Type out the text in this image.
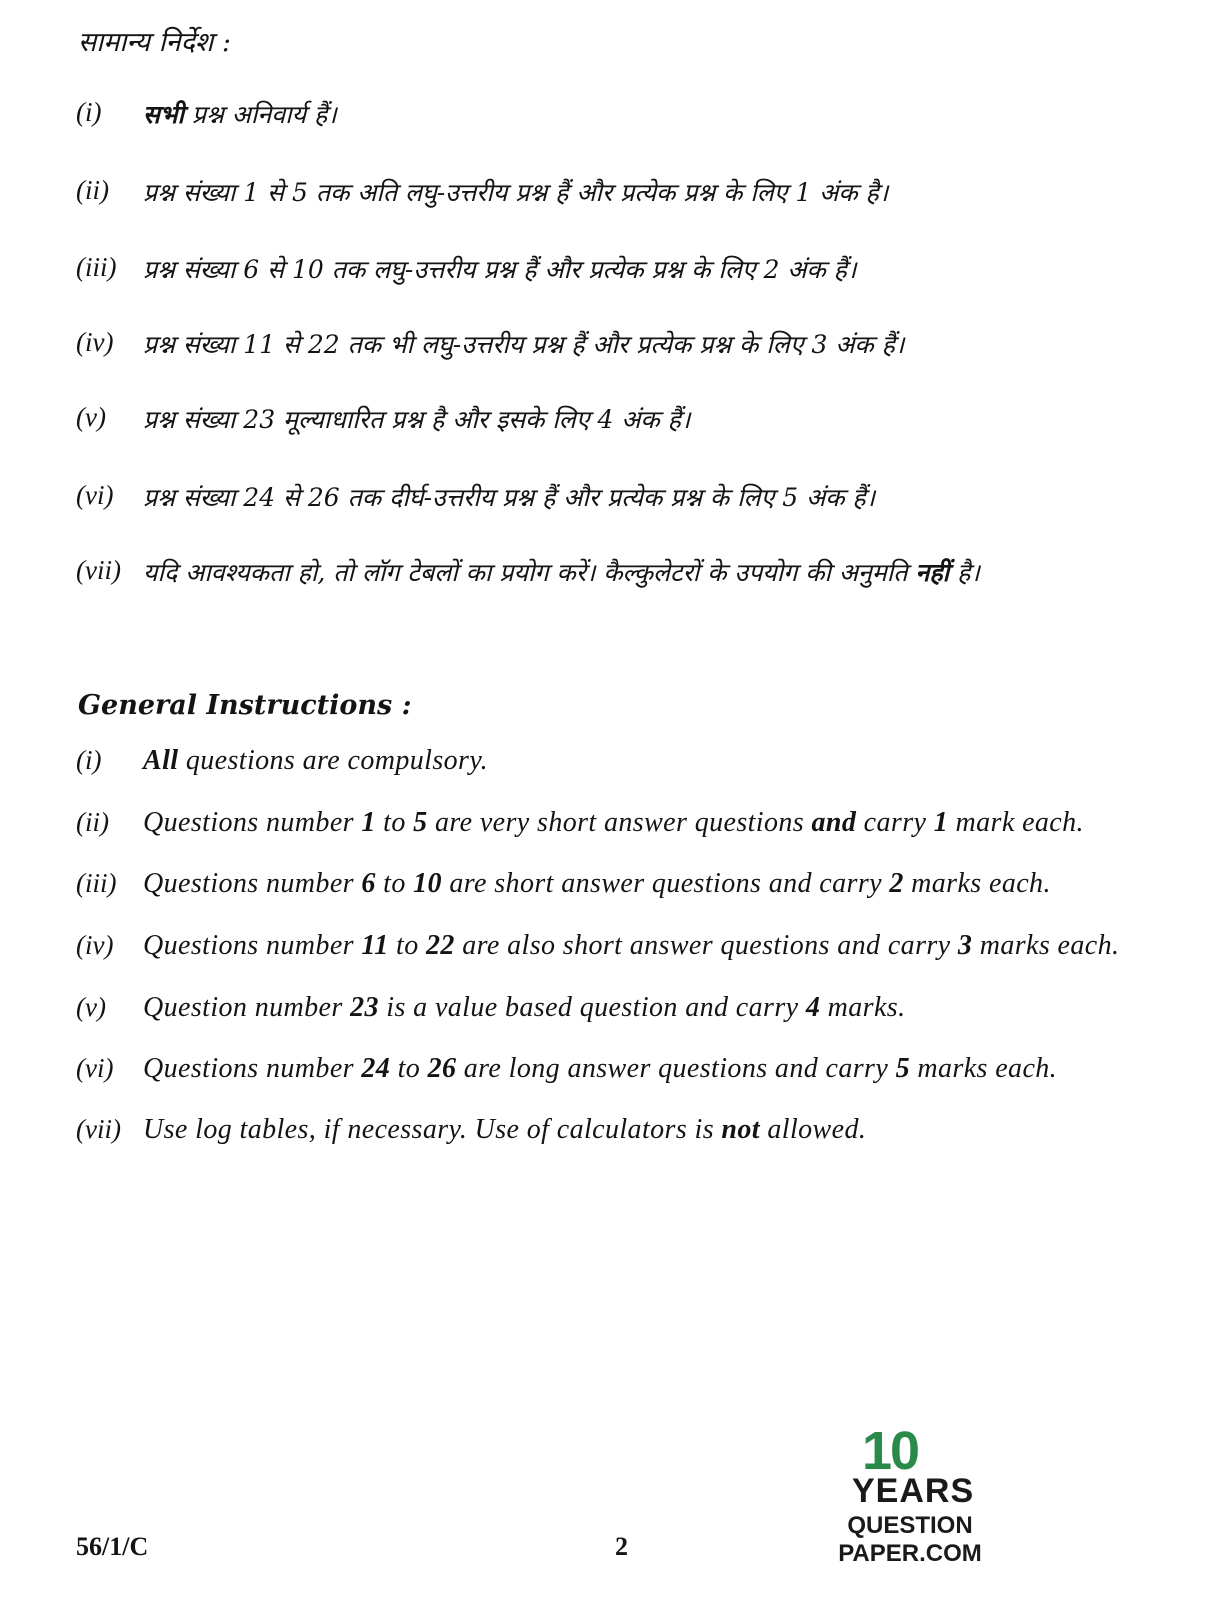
सामान्य निर्देश :
(i) सभी प्रश्न अनिवार्य हैं।
(ii) प्रश्न संख्या 1 से 5 तक अति लघु-उत्तरीय प्रश्न हैं और प्रत्येक प्रश्न के लिए 1 अंक है।
(iii) प्रश्न संख्या 6 से 10 तक लघु-उत्तरीय प्रश्न हैं और प्रत्येक प्रश्न के लिए 2 अंक हैं।
(iv) प्रश्न संख्या 11 से 22 तक भी लघु-उत्तरीय प्रश्न हैं और प्रत्येक प्रश्न के लिए 3 अंक हैं।
(v) प्रश्न संख्या 23 मूल्याधारित प्रश्न है और इसके लिए 4 अंक हैं।
(vi) प्रश्न संख्या 24 से 26 तक दीर्घ-उत्तरीय प्रश्न हैं और प्रत्येक प्रश्न के लिए 5 अंक हैं।
(vii) यदि आवश्यकता हो, तो लॉग टेबलों का प्रयोग करें। कैल्कुलेटरों के उपयोग की अनुमति नहीं है।
General Instructions :
(i) All questions are compulsory.
(ii) Questions number 1 to 5 are very short answer questions and carry 1 mark each.
(iii) Questions number 6 to 10 are short answer questions and carry 2 marks each.
(iv) Questions number 11 to 22 are also short answer questions and carry 3 marks each.
(v) Question number 23 is a value based question and carry 4 marks.
(vi) Questions number 24 to 26 are long answer questions and carry 5 marks each.
(vii) Use log tables, if necessary. Use of calculators is not allowed.
56/1/C	2
10
YEARS
QUESTION PAPER.COM
